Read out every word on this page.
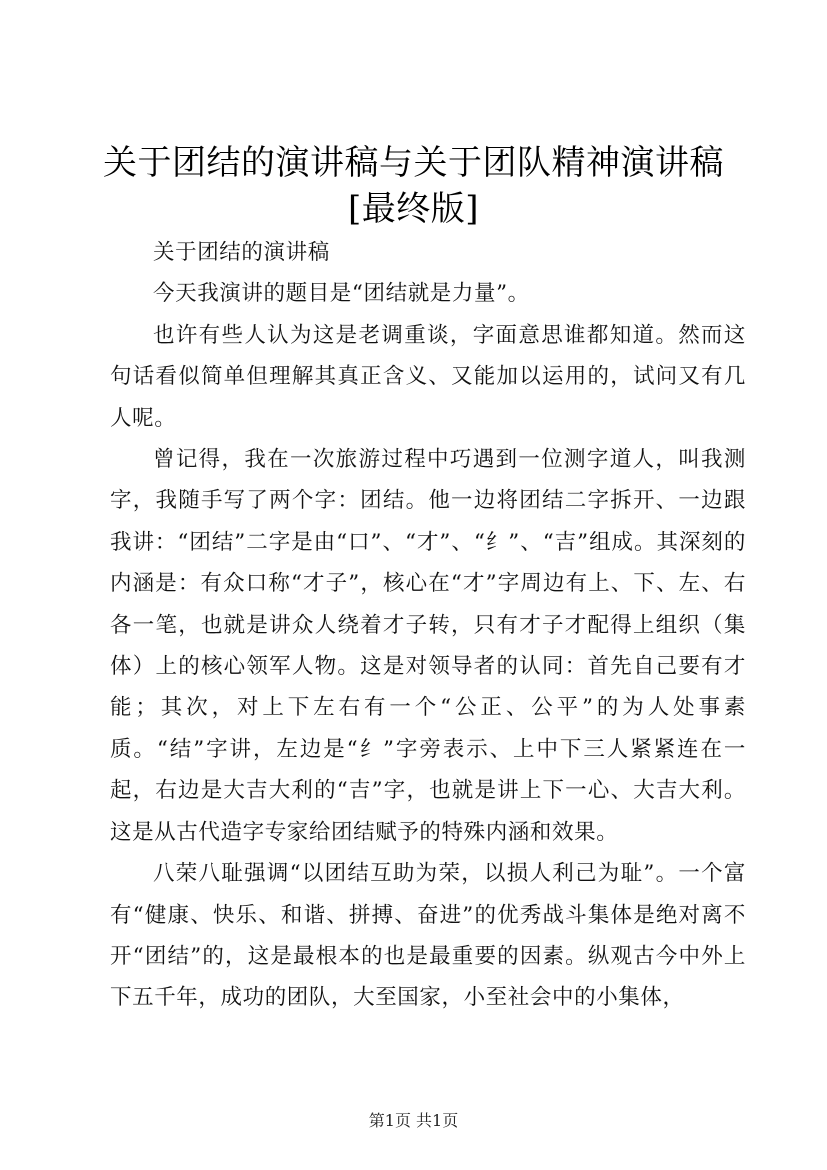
关于团结的演讲稿与关于团队精神演讲稿[最终版]

关于团结的演讲稿

今天我演讲的题目是“团结就是力量”。

也许有些人认为这是老调重谈，字面意思谁都知道。然而这句话看似简单但理解其真正含义、又能加以运用的，试问又有几人呢。

曾记得，我在一次旅游过程中巧遇到一位测字道人，叫我测字，我随手写了两个字：团结。他一边将团结二字拆开、一边跟我讲：“团结”二字是由“口”、“才”、“纟”、“吉”组成。其深刻的内涵是：有众口称“才子”，核心在“才”字周边有上、下、左、右各一笔，也就是讲众人绕着才子转，只有才子才配得上组织（集体）上的核心领军人物。这是对领导者的认同：首先自己要有才能；其次，对上下左右有一个“公正、公平”的为人处事素质。“结”字讲，左边是“纟”字旁表示、上中下三人紧紧连在一起，右边是大吉大利的“吉”字，也就是讲上下一心、大吉大利。这是从古代造字专家给团结赋予的特殊内涵和效果。

八荣八耻强调“以团结互助为荣，以损人利己为耻”。一个富有“健康、快乐、和谐、拼搏、奋进”的优秀战斗集体是绝对离不开“团结”的，这是最根本的也是最重要的因素。纵观古今中外上下五千年，成功的团队，大至国家，小至社会中的小集体，

第1页 共1页
